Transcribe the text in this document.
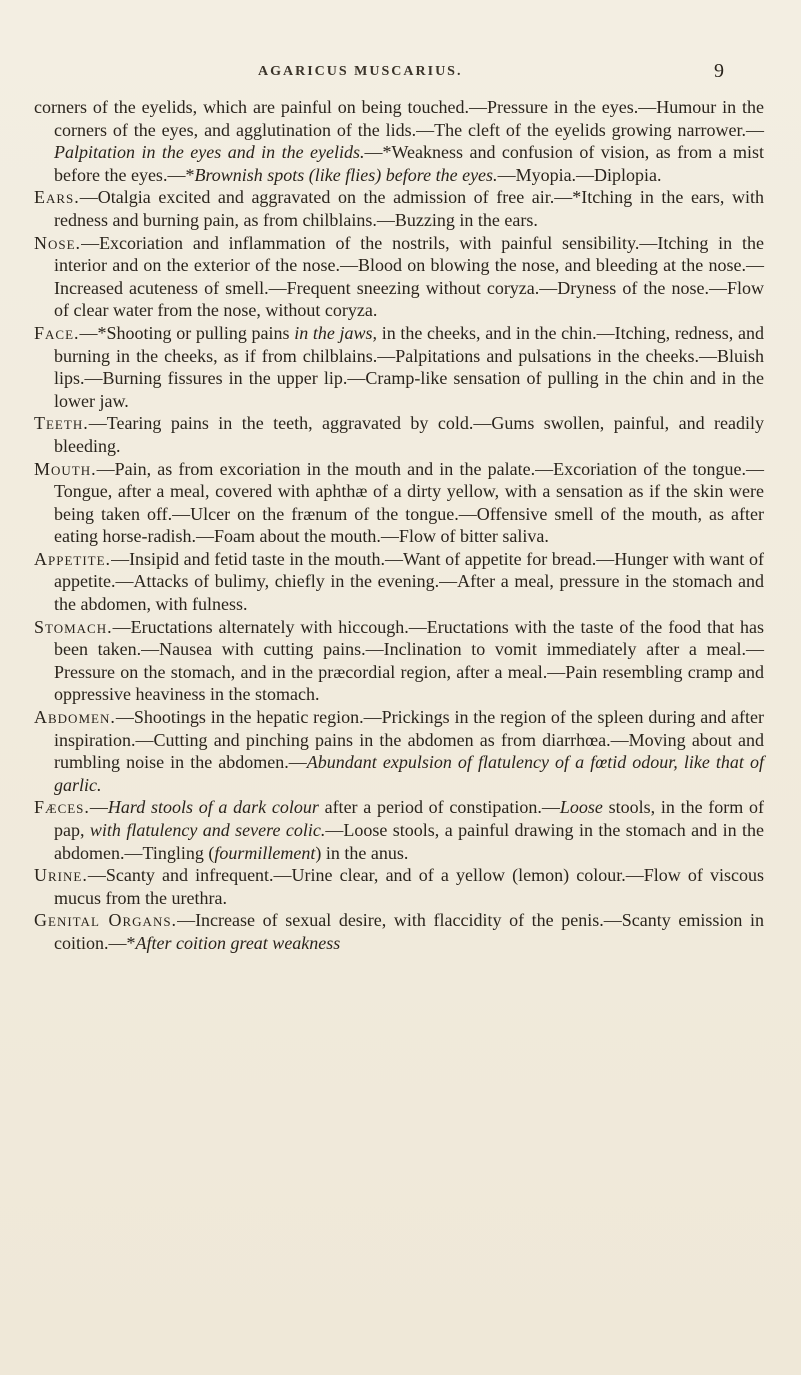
AGARICUS MUSCARIUS.	9

corners of the eyelids, which are painful on being touched.—Pressure in the eyes.—Humour in the corners of the eyes, and agglutination of the lids.—The cleft of the eyelids growing narrower.—Palpitation in the eyes and in the eyelids.—*Weakness and confusion of vision, as from a mist before the eyes.—*Brownish spots (like flies) before the eyes.—Myopia.—Diplopia.

Ears.—Otalgia excited and aggravated on the admission of free air.—*Itching in the ears, with redness and burning pain, as from chilblains.—Buzzing in the ears.

Nose.—Excoriation and inflammation of the nostrils, with painful sensibility.—Itching in the interior and on the exterior of the nose.—Blood on blowing the nose, and bleeding at the nose.—Increased acuteness of smell.—Frequent sneezing without coryza.—Dryness of the nose.—Flow of clear water from the nose, without coryza.

Face.—*Shooting or pulling pains in the jaws, in the cheeks, and in the chin.—Itching, redness, and burning in the cheeks, as if from chilblains.—Palpitations and pulsations in the cheeks.—Bluish lips.—Burning fissures in the upper lip.—Cramp-like sensation of pulling in the chin and in the lower jaw.

Teeth.—Tearing pains in the teeth, aggravated by cold.—Gums swollen, painful, and readily bleeding.

Mouth.—Pain, as from excoriation in the mouth and in the palate.—Excoriation of the tongue.—Tongue, after a meal, covered with aphthæ of a dirty yellow, with a sensation as if the skin were being taken off.—Ulcer on the frænum of the tongue.—Offensive smell of the mouth, as after eating horse-radish.—Foam about the mouth.—Flow of bitter saliva.

Appetite.—Insipid and fetid taste in the mouth.—Want of appetite for bread.—Hunger with want of appetite.—Attacks of bulimy, chiefly in the evening.—After a meal, pressure in the stomach and the abdomen, with fulness.

Stomach.—Eructations alternately with hiccough.—Eructations with the taste of the food that has been taken.—Nausea with cutting pains.—Inclination to vomit immediately after a meal.—Pressure on the stomach, and in the præcordial region, after a meal.—Pain resembling cramp and oppressive heaviness in the stomach.

Abdomen.—Shootings in the hepatic region.—Prickings in the region of the spleen during and after inspiration.—Cutting and pinching pains in the abdomen as from diarrhœa.—Moving about and rumbling noise in the abdomen.—Abundant expulsion of flatulency of a fœtid odour, like that of garlic.

Fæces.—Hard stools of a dark colour after a period of constipation.—Loose stools, in the form of pap, with flatulency and severe colic.—Loose stools, a painful drawing in the stomach and in the abdomen.—Tingling (fourmillement) in the anus.

Urine.—Scanty and infrequent.—Urine clear, and of a yellow (lemon) colour.—Flow of viscous mucus from the urethra.

Genital Organs.—Increase of sexual desire, with flaccidity of the penis.—Scanty emission in coition.—*After coition great weakness
